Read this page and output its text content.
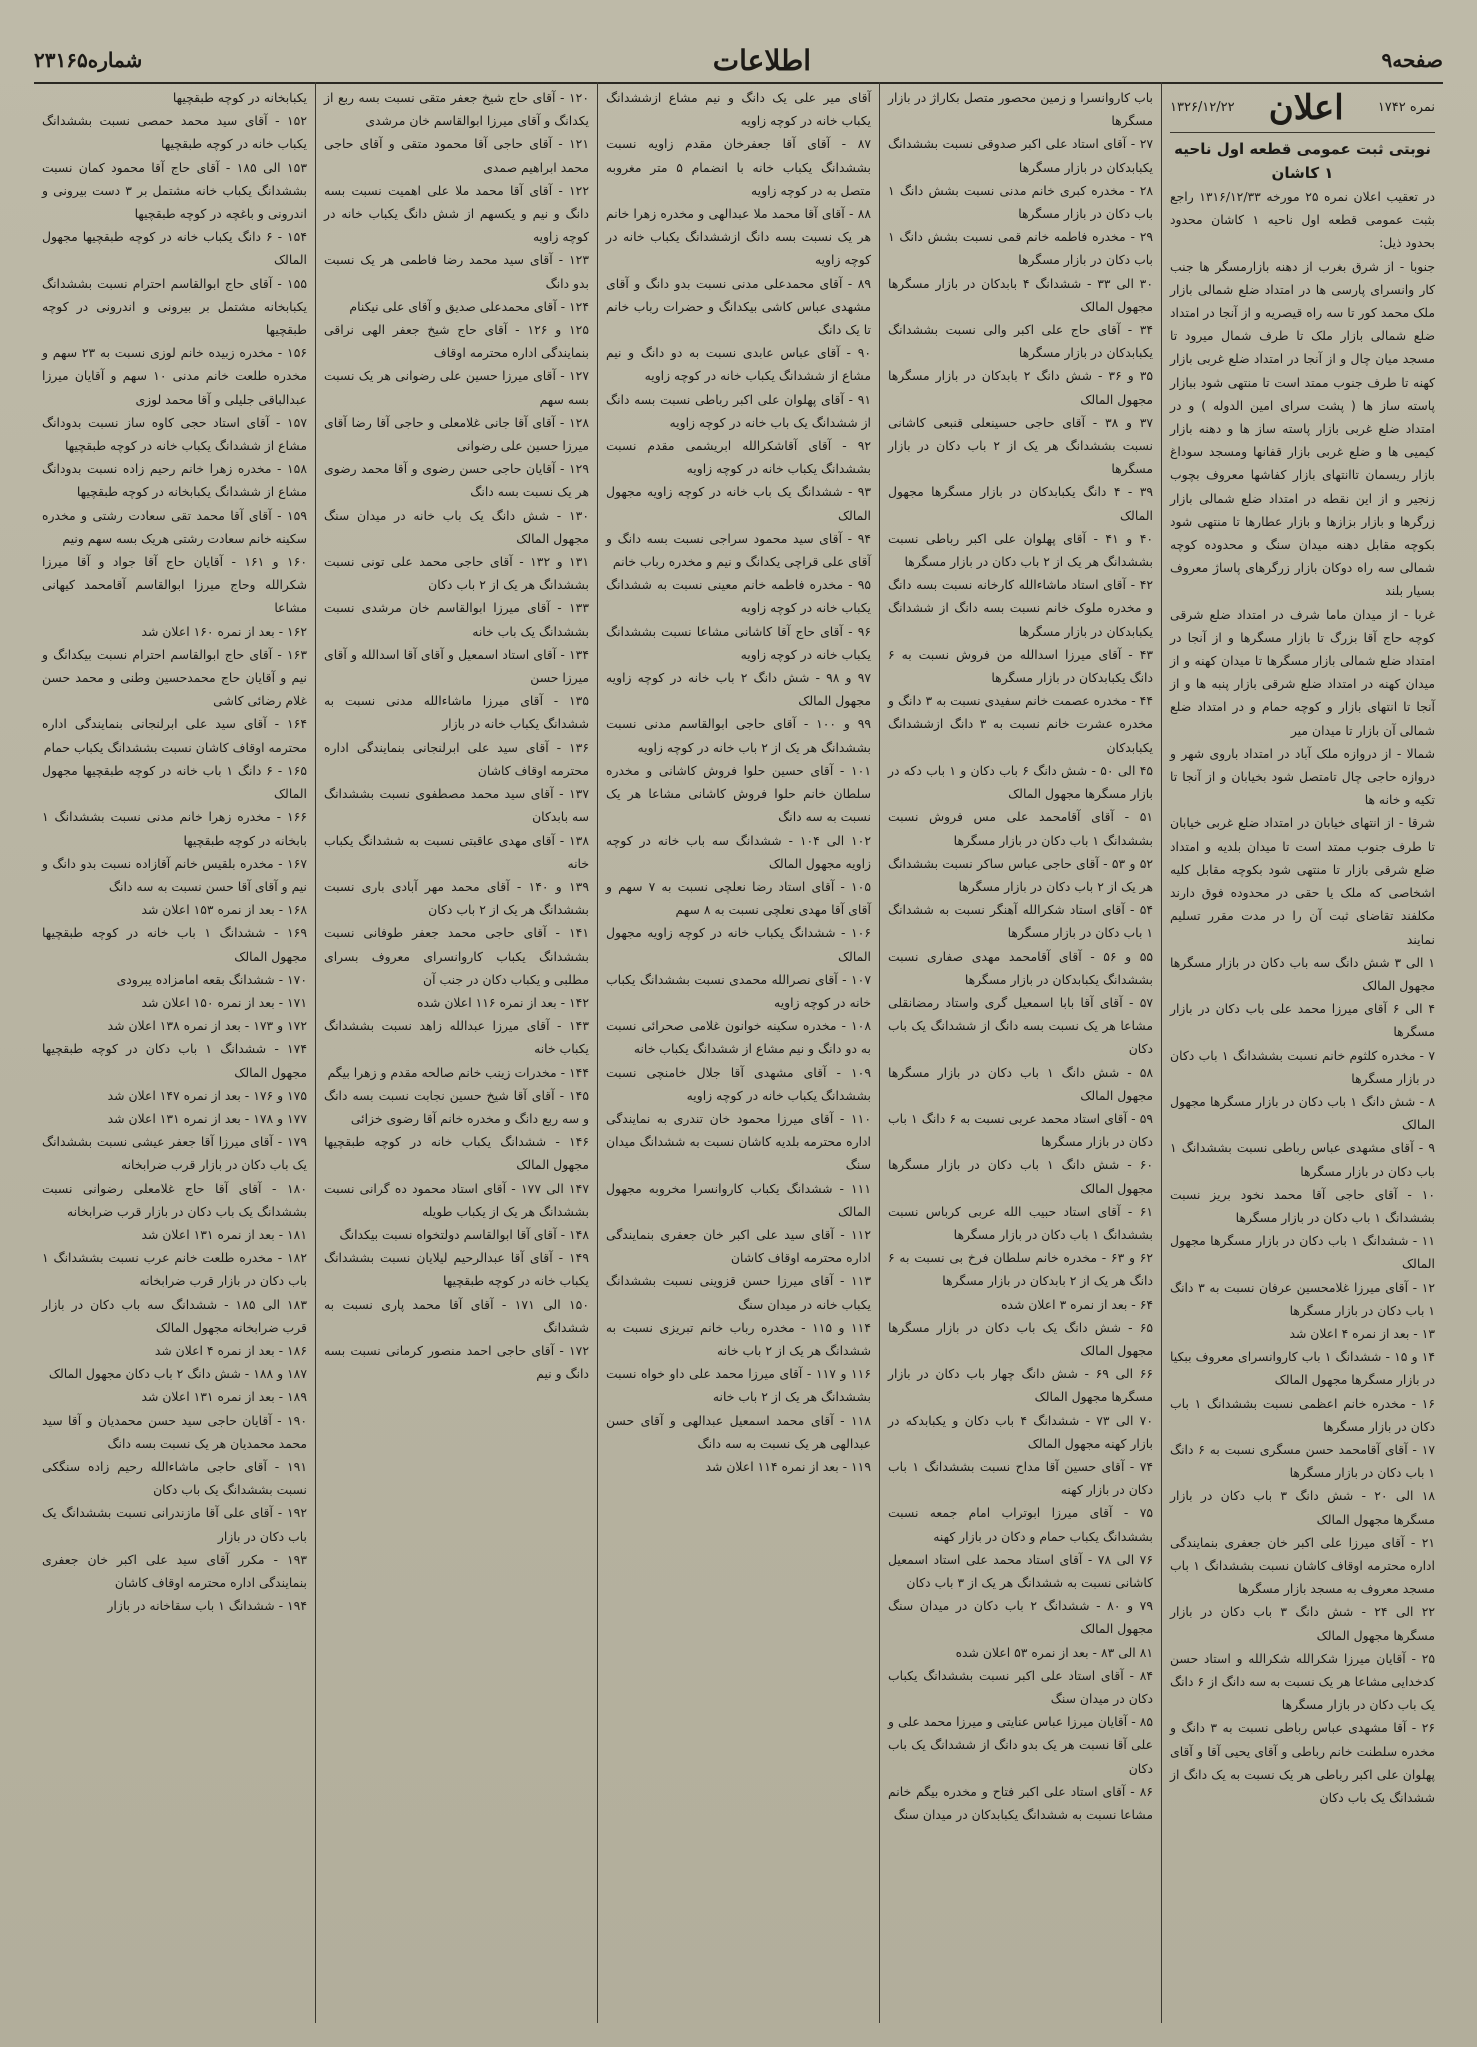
صفحه۹
اطلاعات
شماره۲۳۱۶۵
نمره ۱۷۴۲
اعلان
۱۳۲۶/۱۲/۲۲
نوبتی ثبت عمومی قطعه اول ناحیه ۱ کاشان

در تعقیب اعلان نمره ۲۵ مورخه ۱۳۱۶/۱۲/۳۳ راجع بثبت عمومی قطعه اول ناحیه ۱ کاشان محدود بحدود ذیل:

جنوبا - از شرق بغرب از دهنه بازارمسگر ها جنب کار وانسرای پارسی ها در امتداد ضلع شمالی بازار ملک محمد کور تا سه راه قیصریه و از آنجا در امتداد ضلع شمالی بازار ملک تا طرف شمال میرود تا مسجد میان چال و از آنجا در امتداد ضلع غربی بازار کهنه تا طرف جنوب ممتد است تا منتهی شود ببازار پاسته ساز ها ( پشت سرای امین الدوله ) و در امتداد ضلع غربی بازار پاسته ساز ها و دهنه بازار کیمیی ها و ضلع غربی بازار قفانها ومسجد سوداغ بازار ریسمان تاانتهای بازار کفاشها معروف بچوب زنجیر و از این نقطه در امتداد ضلع شمالی بازار زرگرها و بازار بزازها و بازار عطارها تا منتهی شود بکوچه مقابل دهنه میدان سنگ و محدوده کوچه شمالی سه راه دوکان بازار زرگرهای پاساژ معروف بسیار بلند

غربا - از میدان ماما شرف در امتداد ضلع شرقی کوچه حاج آقا بزرگ تا بازار مسگرها و از آنجا در امتداد ضلع شمالی بازار مسگرها تا میدان کهنه و از میدان کهنه در امتداد ضلع شرقی بازار پنبه ها و از آنجا تا انتهای بازار و کوچه حمام و در امتداد ضلع شمالی آن بازار تا میدان میر

شمالا - از دروازه ملک آباد در امتداد باروی شهر و دروازه حاجی چال تامتصل شود بخیابان و از آنجا تا تکیه و خانه ها

شرقا - از انتهای خیابان در امتداد ضلع غربی خیابان تا طرف جنوب ممتد است تا میدان بلدیه و امتداد ضلع شرقی بازار تا منتهی شود بکوچه مقابل کلیه اشخاصی که ملک یا حقی در محدوده فوق دارند مکلفند تقاضای ثبت آن را در مدت مقرر تسلیم نمایند

۱ الی ۳ شش دانگ سه باب دکان در بازار مسگرها مجهول المالک

۴ الی ۶ آقای میرزا محمد علی باب دکان در بازار مسگرها

۷ - مخدره کلثوم خانم نسبت بششدانگ ۱ باب دکان در بازار مسگرها

۸ - شش دانگ ۱ باب دکان در بازار مسگرها مجهول المالک

۹ - آقای مشهدی عباس رباطی نسبت بششدانگ ۱ باب دکان در بازار مسگرها

۱۰ - آقای حاجی آقا محمد نخود بریز نسبت بششدانگ ۱ باب دکان در بازار مسگرها

۱۱ - ششدانگ ۱ باب دکان در بازار مسگرها مجهول المالک

۱۲ - آقای میرزا غلامحسین عرفان نسبت به ۳ دانگ ۱ باب دکان در بازار مسگرها

۱۳ - بعد از نمره ۴ اعلان شد

۱۴ و ۱۵ - ششدانگ ۱ باب کاروانسرای معروف ببکیا در بازار مسگرها مجهول المالک

۱۶ - مخدره خانم اعظمی نسبت بششدانگ ۱ باب دکان در بازار مسگرها

۱۷ - آقای آقامحمد حسن مسگری نسبت به ۶ دانگ ۱ باب دکان در بازار مسگرها

۱۸ الی ۲۰ - شش دانگ ۳ باب دکان در بازار مسگرها مجهول المالک

۲۱ - آقای میرزا علی اکبر خان جعفری بنمایندگی اداره محترمه اوقاف کاشان نسبت بششدانگ ۱ باب مسجد معروف به مسجد بازار مسگرها

۲۲ الی ۲۴ - شش دانگ ۳ باب دکان در بازار مسگرها مجهول المالک

۲۵ - آقایان میرزا شکرالله شکرالله و استاد حسن کدخدایی مشاعا هر یک نسبت به سه دانگ از ۶ دانگ یک باب دکان در بازار مسگرها

۲۶ - آقا مشهدی عباس رباطی نسبت به ۳ دانگ و مخدره سلطنت خانم رباطی و آقای یحیی آقا و آقای پهلوان علی اکبر رباطی هر یک نسبت به یک دانگ از ششدانگ یک باب دکان

باب کاروانسرا و زمین محصور متصل بکاراژ در بازار مسگرها

۲۷ - آقای استاد علی اکبر صدوقی نسبت بششدانگ یکبابدکان در بازار مسگرها

۲۸ - مخدره کبری خانم مدنی نسبت بشش دانگ ۱ باب دکان در بازار مسگرها

۲۹ - مخدره فاطمه خانم قمی نسبت بشش دانگ ۱ باب دکان در بازار مسگرها

۳۰ الی ۳۳ - ششدانگ ۴ بابدکان در بازار مسگرها مجهول المالک

۳۴ - آقای حاج علی اکبر والی نسبت بششدانگ یکبابدکان در بازار مسگرها

۳۵ و ۳۶ - شش دانگ ۲ بابدکان در بازار مسگرها مجهول المالک

۳۷ و ۳۸ - آقای حاجی حسینعلی قنبعی کاشانی نسبت بششدانگ هر یک از ۲ باب دکان در بازار مسگرها

۳۹ - ۴ دانگ یکبابدکان در بازار مسگرها مجهول المالک

۴۰ و ۴۱ - آقای پهلوان علی اکبر رباطی نسبت بششدانگ هر یک از ۲ باب دکان در بازار مسگرها

۴۲ - آقای استاد ماشاءالله کارخانه نسبت بسه دانگ و مخدره ملوک خانم نسبت بسه دانگ از ششدانگ یکبابدکان در بازار مسگرها

۴۳ - آقای میرزا اسدالله من فروش نسبت به ۶ دانگ یکبابدکان در بازار مسگرها

۴۴ - مخدره عصمت خانم سفیدی نسبت به ۳ دانگ و مخدره عشرت خانم نسبت به ۳ دانگ ازششدانگ یکبابدکان

۴۵ الی ۵۰ - شش دانگ ۶ باب دکان و ۱ باب دکه در بازار مسگرها مجهول المالک

۵۱ - آقای آقامحمد علی مس فروش نسبت بششدانگ ۱ باب دکان در بازار مسگرها

۵۲ و ۵۳ - آقای حاجی عباس ساکر نسبت بششدانگ هر یک از ۲ باب دکان در بازار مسگرها

۵۴ - آقای استاد شکرالله آهنگر نسبت به ششدانگ ۱ باب دکان در بازار مسگرها

۵۵ و ۵۶ - آقای آقامحمد مهدی صفاری نسبت بششدانگ یکبابدکان در بازار مسگرها

۵۷ - آقای آقا بابا اسمعیل گری واستاد رمضانقلی مشاعا هر یک نسبت بسه دانگ از ششدانگ یک باب دکان

۵۸ - شش دانگ ۱ باب دکان در بازار مسگرها مجهول المالک

۵۹ - آقای استاد محمد عربی نسبت به ۶ دانگ ۱ باب دکان در بازار مسگرها

۶۰ - شش دانگ ۱ باب دکان در بازار مسگرها مجهول المالک

۶۱ - آقای استاد حبیب الله عربی کرباس نسبت بششدانگ ۱ باب دکان در بازار مسگرها

۶۲ و ۶۳ - مخدره خانم سلطان فرخ بی نسبت به ۶ دانگ هر یک از ۲ بابدکان در بازار مسگرها

۶۴ - بعد از نمره ۳ اعلان شده

۶۵ - شش دانگ یک باب دکان در بازار مسگرها مجهول المالک

۶۶ الی ۶۹ - شش دانگ چهار باب دکان در بازار مسگرها مجهول المالک

۷۰ الی ۷۳ - ششدانگ ۴ باب دکان و یکبابدکه در بازار کهنه مجهول المالک

۷۴ - آقای حسین آقا مداح نسبت بششدانگ ۱ باب دکان در بازار کهنه

۷۵ - آقای میرزا ابوتراب امام جمعه نسبت بششدانگ یکباب حمام و دکان در بازار کهنه

۷۶ الی ۷۸ - آقای استاد محمد علی استاد اسمعیل کاشانی نسبت به ششدانگ هر یک از ۳ باب دکان

۷۹ و ۸۰ - ششدانگ ۲ باب دکان در میدان سنگ مجهول المالک

۸۱ الی ۸۳ - بعد از نمره ۵۳ اعلان شده

۸۴ - آقای استاد علی اکبر نسبت بششدانگ یکباب دکان در میدان سنگ

۸۵ - آقایان میرزا عباس عنایتی و میرزا محمد علی و علی آقا نسبت هر یک بدو دانگ از ششدانگ یک باب دکان

۸۶ - آقای استاد علی اکبر فتاح و مخدره بیگم خانم مشاعا نسبت به ششدانگ یکبابدکان در میدان سنگ

آقای میر علی یک دانگ و نیم مشاع ازششدانگ یکباب خانه در کوچه زاویه

۸۷ - آقای آقا جعفرخان مقدم زاویه نسبت بششدانگ یکباب خانه با انضمام ۵ متر مغروبه متصل به در کوچه زاویه

۸۸ - آقای آقا محمد ملا عبدالهی و مخدره زهرا خانم هر یک نسبت بسه دانگ ازششدانگ یکباب خانه در کوچه زاویه

۸۹ - آقای محمدعلی مدنی نسبت بدو دانگ و آقای مشهدی عباس کاشی بیکدانگ و حضرات رباب خانم تا یک دانگ

۹۰ - آقای عباس عابدی نسبت به دو دانگ و نیم مشاع از ششدانگ یکباب خانه در کوچه زاویه

۹۱ - آقای پهلوان علی اکبر رباطی نسبت بسه دانگ از ششدانگ یک باب خانه در کوچه زاویه

۹۲ - آقای آقاشکرالله ابریشمی مقدم نسبت بششدانگ یکباب خانه در کوچه زاویه

۹۳ - ششدانگ یک باب خانه در کوچه زاویه مجهول المالک

۹۴ - آقای سید محمود سراجی نسبت بسه دانگ و آقای علی قراچی یکدانگ و نیم و مخدره رباب خانم

۹۵ - مخدره فاطمه خانم معینی نسبت به ششدانگ یکباب خانه در کوچه زاویه

۹۶ - آقای حاج آقا کاشانی مشاعا نسبت بششدانگ یکباب خانه در کوچه زاویه

۹۷ و ۹۸ - شش دانگ ۲ باب خانه در کوچه زاویه مجهول المالک

۹۹ و ۱۰۰ - آقای حاجی ابوالقاسم مدنی نسبت بششدانگ هر یک از ۲ باب خانه در کوچه زاویه

۱۰۱ - آقای حسین حلوا فروش کاشانی و مخدره سلطان خانم حلوا فروش کاشانی مشاعا هر یک نسبت به سه دانگ

۱۰۲ الی ۱۰۴ - ششدانگ سه باب خانه در کوچه زاویه مجهول المالک

۱۰۵ - آقای استاد رضا نعلچی نسبت به ۷ سهم و آقای آقا مهدی نعلچی نسبت به ۸ سهم

۱۰۶ - ششدانگ یکباب خانه در کوچه زاویه مجهول المالک

۱۰۷ - آقای نصرالله محمدی نسبت بششدانگ یکباب خانه در کوچه زاویه

۱۰۸ - مخدره سکینه خوانون غلامی صحرائی نسبت به دو دانگ و نیم مشاع از ششدانگ یکباب خانه

۱۰۹ - آقای مشهدی آقا جلال خامنچی نسبت بششدانگ یکباب خانه در کوچه زاویه

۱۱۰ - آقای میرزا محمود خان تندری به نمایندگی اداره محترمه بلدیه کاشان نسبت به ششدانگ میدان سنگ

۱۱۱ - ششدانگ یکباب کاروانسرا مخروبه مجهول المالک

۱۱۲ - آقای سید علی اکبر خان جعفری بنمایندگی اداره محترمه اوقاف کاشان

۱۱۳ - آقای میرزا حسن قزوینی نسبت بششدانگ یکباب خانه در میدان سنگ

۱۱۴ و ۱۱۵ - مخدره رباب خانم تبریزی نسبت به ششدانگ هر یک از ۲ باب خانه

۱۱۶ و ۱۱۷ - آقای میرزا محمد علی داو خواه نسبت بششدانگ هر یک از ۲ باب خانه

۱۱۸ - آقای محمد اسمعیل عبدالهی و آقای حسن عبدالهی هر یک نسبت به سه دانگ

۱۱۹ - بعد از نمره ۱۱۴ اعلان شد

۱۲۰ - آقای حاج شیخ جعفر متقی نسبت بسه ربع از یکدانگ و آقای میرزا ابوالقاسم خان مرشدی

۱۲۱ - آقای حاجی آقا محمود متقی و آقای حاجی محمد ابراهیم صمدی

۱۲۲ - آقای آقا محمد ملا علی اهمیت نسبت بسه دانگ و نیم و یکسهم از شش دانگ یکباب خانه در کوچه زاویه

۱۲۳ - آقای سید محمد رضا فاطمی هر یک نسبت بدو دانگ

۱۲۴ - آقای محمدعلی صدیق و آقای علی نیکنام

۱۲۵ و ۱۲۶ - آقای حاج شیخ جعفر الهی نراقی بنمایندگی اداره محترمه اوقاف

۱۲۷ - آقای میرزا حسین علی رضوانی هر یک نسبت بسه سهم

۱۲۸ - آقای آقا جانی غلامعلی و حاجی آقا رضا آقای میرزا حسین علی رضوانی

۱۲۹ - آقایان حاجی حسن رضوی و آقا محمد رضوی هر یک نسبت بسه دانگ

۱۳۰ - شش دانگ یک باب خانه در میدان سنگ مجهول المالک

۱۳۱ و ۱۳۲ - آقای حاجی محمد علی تونی نسبت بششدانگ هر یک از ۲ باب دکان

۱۳۳ - آقای میرزا ابوالقاسم خان مرشدی نسبت بششدانگ یک باب خانه

۱۳۴ - آقای استاد اسمعیل و آقای آقا اسدالله و آقای میرزا حسن

۱۳۵ - آقای میرزا ماشاءالله مدنی نسبت به ششدانگ یکباب خانه در بازار

۱۳۶ - آقای سید علی ابرلنجانی بنمایندگی اداره محترمه اوقاف کاشان

۱۳۷ - آقای سید محمد مصطفوی نسبت بششدانگ سه بابدکان

۱۳۸ - آقای مهدی عاقبتی نسبت به ششدانگ یکباب خانه

۱۳۹ و ۱۴۰ - آقای محمد مهر آبادی باری نسبت بششدانگ هر یک از ۲ باب دکان

۱۴۱ - آقای حاجی محمد جعفر طوفانی نسبت بششدانگ یکباب کاروانسرای معروف بسرای مطلبی و یکباب دکان در جنب آن

۱۴۲ - بعد از نمره ۱۱۶ اعلان شده

۱۴۳ - آقای میرزا عبدالله زاهد نسبت بششدانگ یکباب خانه

۱۴۴ - مخدرات زینب خانم صالحه مقدم و زهرا بیگم

۱۴۵ - آقای آقا شیخ حسین نجابت نسبت بسه دانگ و سه ربع دانگ و مخدره خانم آقا رضوی خزائی

۱۴۶ - ششدانگ یکباب خانه در کوچه طبقچیها مجهول المالک

۱۴۷ الی ۱۷۷ - آقای استاد محمود ده گرانی نسبت بششدانگ هر یک از یکباب طویله

۱۴۸ - آقای آقا ابوالقاسم دولتخواه نسبت بیکدانگ

۱۴۹ - آقای آقا عبدالرحیم لیلایان نسبت بششدانگ یکباب خانه در کوچه طبقچیها

۱۵۰ الی ۱۷۱ - آقای آقا محمد پاری نسبت به ششدانگ

۱۷۲ - آقای حاجی احمد منصور کرمانی نسبت بسه دانگ و نیم

یکبابخانه در کوچه طبقچیها

۱۵۲ - آقای سید محمد حمصی نسبت بششدانگ یکباب خانه در کوچه طبقچیها

۱۵۳ الی ۱۸۵ - آقای حاج آقا محمود کمان نسبت بششدانگ یکباب خانه مشتمل بر ۳ دست بیرونی و اندرونی و باغچه در کوچه طبقچیها

۱۵۴ - ۶ دانگ یکباب خانه در کوچه طبقچیها مجهول المالک

۱۵۵ - آقای حاج ابوالقاسم احترام نسبت بششدانگ یکبابخانه مشتمل بر بیرونی و اندرونی در کوچه طبقچیها

۱۵۶ - مخدره زبیده خانم لوزی نسبت به ۲۳ سهم و مخدره طلعت خانم مدنی ۱۰ سهم و آقایان میرزا عبدالباقی جلیلی و آقا محمد لوزی

۱۵۷ - آقای استاد حجی کاوه ساز نسبت بدودانگ مشاع از ششدانگ یکباب خانه در کوچه طبقچیها

۱۵۸ - مخدره زهرا خانم رحیم زاده نسبت بدودانگ مشاع از ششدانگ یکبابخانه در کوچه طبقچیها

۱۵۹ - آقای آقا محمد تقی سعادت رشتی و مخدره سکینه خانم سعادت رشتی هریک بسه سهم ونیم

۱۶۰ و ۱۶۱ - آقایان حاج آقا جواد و آقا میرزا شکرالله وحاج میرزا ابوالقاسم آقامحمد کیهانی مشاعا

۱۶۲ - بعد از نمره ۱۶۰ اعلان شد

۱۶۳ - آقای حاج ابوالقاسم احترام نسبت بیکدانگ و نیم و آقایان حاج محمدحسین وطنی و محمد حسن غلام رضائی کاشی

۱۶۴ - آقای سید علی ابرلنجانی بنمایندگی اداره محترمه اوقاف کاشان نسبت بششدانگ یکباب حمام

۱۶۵ - ۶ دانگ ۱ باب خانه در کوچه طبقچیها مجهول المالک

۱۶۶ - مخدره زهرا خانم مدنی نسبت بششدانگ ۱ بابخانه در کوچه طبقچیها

۱۶۷ - مخدره بلقیس خانم آقازاده نسبت بدو دانگ و نیم و آقای آقا حسن نسبت به سه دانگ

۱۶۸ - بعد از نمره ۱۵۳ اعلان شد

۱۶۹ - ششدانگ ۱ باب خانه در کوچه طبقچیها مجهول المالک

۱۷۰ - ششدانگ بقعه امامزاده یبرودی

۱۷۱ - بعد از نمره ۱۵۰ اعلان شد

۱۷۲ و ۱۷۳ - بعد از نمره ۱۳۸ اعلان شد

۱۷۴ - ششدانگ ۱ باب دکان در کوچه طبقچیها مجهول المالک

۱۷۵ و ۱۷۶ - بعد از نمره ۱۴۷ اعلان شد

۱۷۷ و ۱۷۸ - بعد از نمره ۱۳۱ اعلان شد

۱۷۹ - آقای میرزا آقا جعفر عیشی نسبت بششدانگ یک باب دکان در بازار قرب ضرابخانه

۱۸۰ - آقای آقا حاج غلامعلی رضوانی نسبت بششدانگ یک باب دکان در بازار قرب ضرابخانه

۱۸۱ - بعد از نمره ۱۳۱ اعلان شد

۱۸۲ - مخدره طلعت خانم عرب نسبت بششدانگ ۱ باب دکان در بازار قرب ضرابخانه

۱۸۳ الی ۱۸۵ - ششدانگ سه باب دکان در بازار قرب ضرابخانه مجهول المالک

۱۸۶ - بعد از نمره ۴ اعلان شد

۱۸۷ و ۱۸۸ - شش دانگ ۲ باب دکان مجهول المالک

۱۸۹ - بعد از نمره ۱۳۱ اعلان شد

۱۹۰ - آقایان حاجی سید حسن محمدیان و آقا سید محمد محمدیان هر یک نسبت بسه دانگ

۱۹۱ - آقای حاجی ماشاءالله رحیم زاده سنگکی نسبت بششدانگ یک باب دکان

۱۹۲ - آقای علی آقا مازندرانی نسبت بششدانگ یک باب دکان در بازار

۱۹۳ - مکرر آقای سید علی اکبر خان جعفری بنمایندگی اداره محترمه اوقاف کاشان

۱۹۴ - ششدانگ ۱ باب سقاخانه در بازار
